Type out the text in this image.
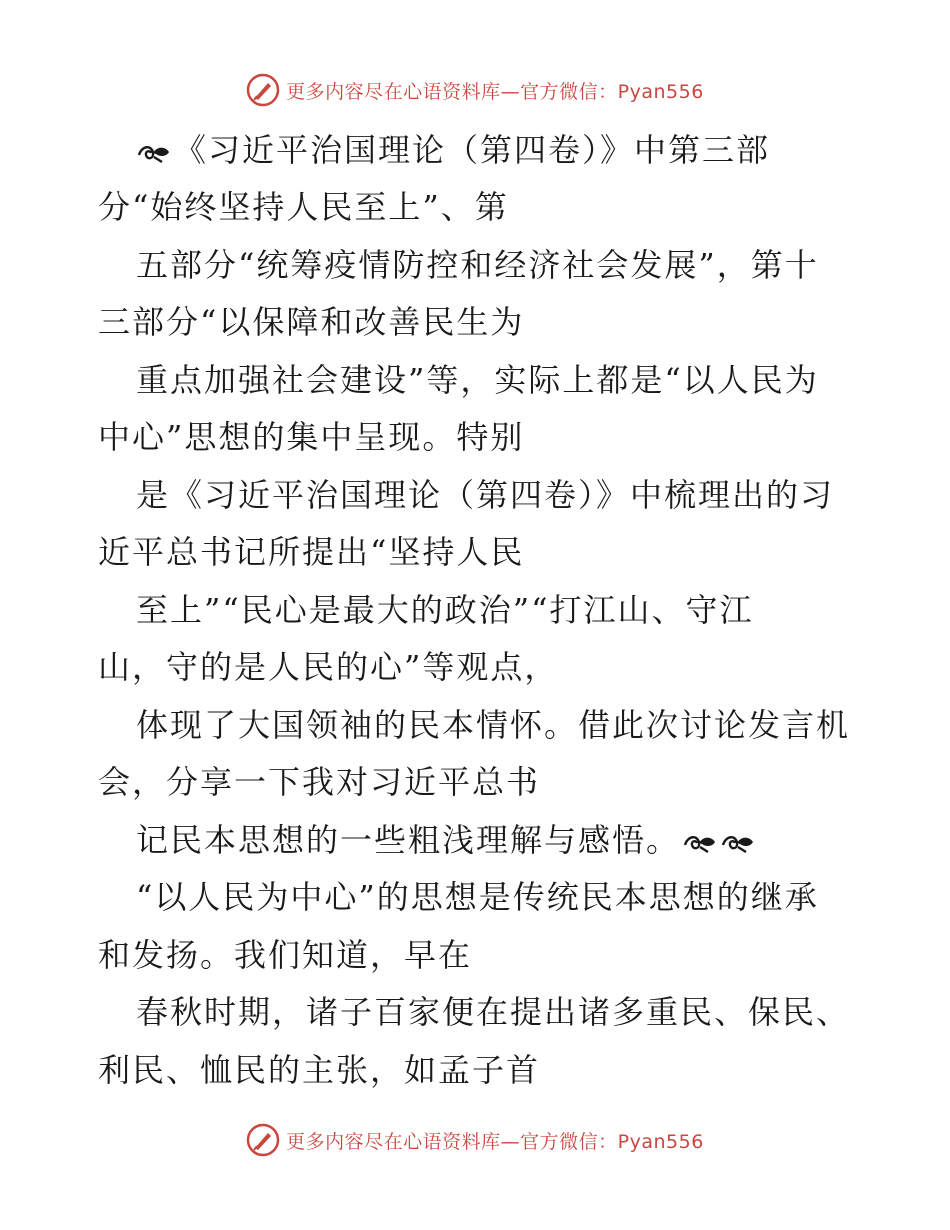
更多内容尽在心语资料库—官方微信：Pyan556
《习近平治国理论（第四卷）》中第三部
分“始终坚持人民至上”、第
五部分“统筹疫情防控和经济社会发展”，第十
三部分“以保障和改善民生为
重点加强社会建设”等，实际上都是“以人民为
中心”思想的集中呈现。特别
是《习近平治国理论（第四卷）》中梳理出的习
近平总书记所提出“坚持人民
至上”“民心是最大的政治”“打江山、守江
山，守的是人民的心”等观点，
体现了大国领袖的民本情怀。借此次讨论发言机
会，分享一下我对习近平总书
记民本思想的一些粗浅理解与感悟。
“以人民为中心”的思想是传统民本思想的继承
和发扬。我们知道，早在
春秋时期，诸子百家便在提出诸多重民、保民、
利民、恤民的主张，如孟子首
更多内容尽在心语资料库—官方微信：Pyan556
